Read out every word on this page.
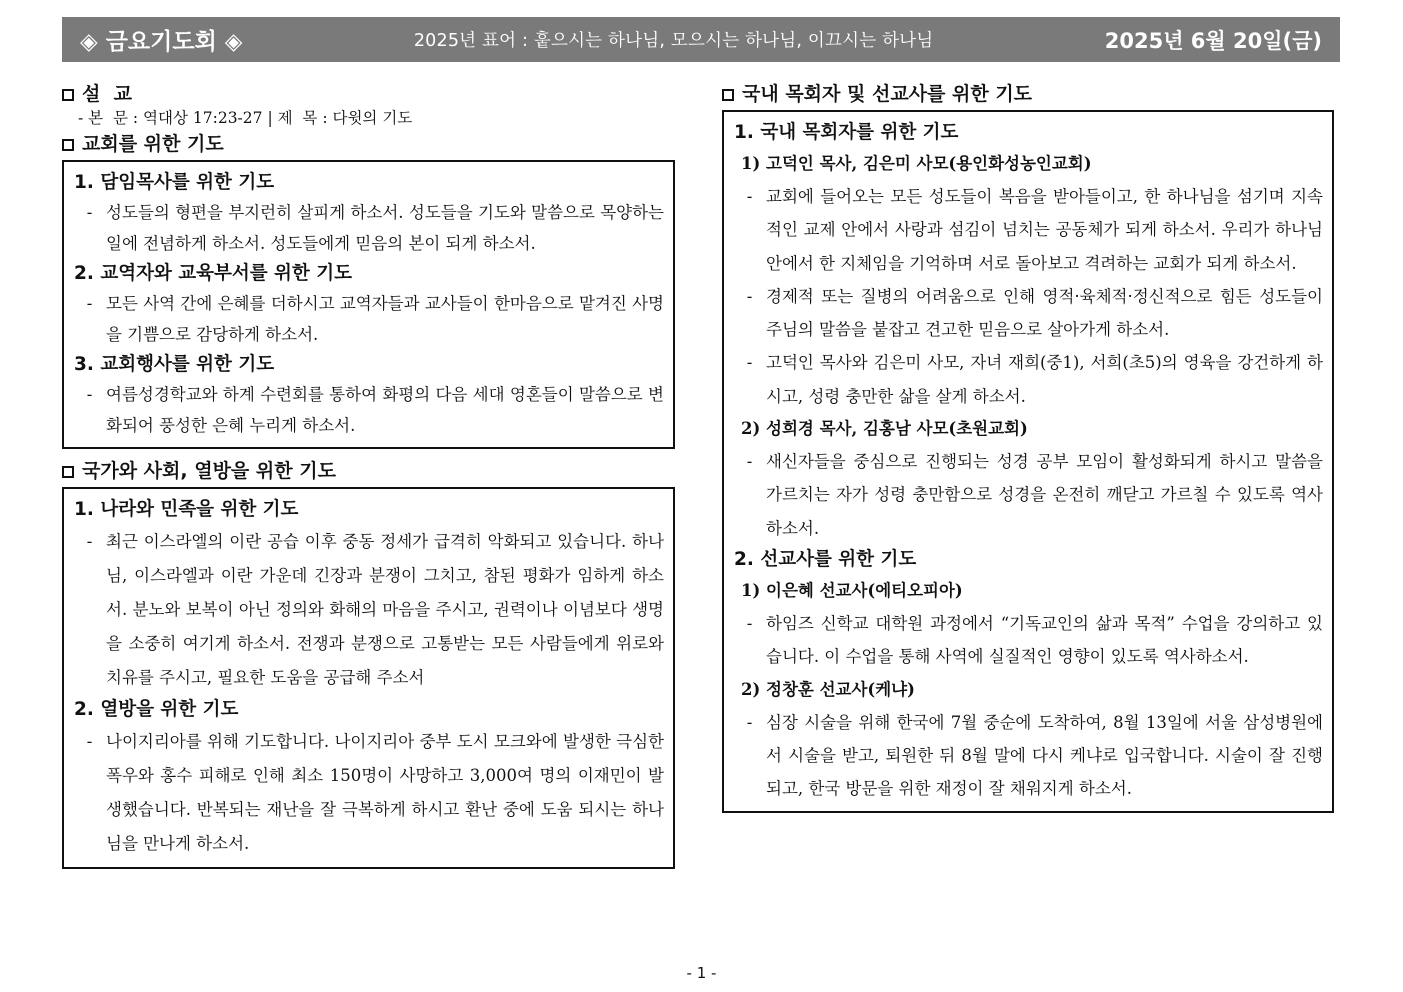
◈ 금요기도회 ◈	2025년 표어 : 훝으시는 하나님, 모으시는 하나님, 이끄시는 하나님	2025년 6월 20일(금)
설  교
- 본  문 : 역대상 17:23-27 | 제  목 : 다윗의 기도
교회를 위한 기도
1. 담임목사를 위한 기도
- 성도들의 형편을 부지런히 살피게 하소서. 성도들을 기도와 말씀으로 목양하는 일에 전념하게 하소서. 성도들에게 믿음의 본이 되게 하소서.
2. 교역자와 교육부서를 위한 기도
- 모든 사역 간에 은혜를 더하시고 교역자들과 교사들이 한마음으로 맡겨진 사명을 기쁨으로 감당하게 하소서.
3. 교회행사를 위한 기도
- 여름성경학교와 하계 수련회를 통하여 화평의 다음 세대 영혼들이 말씀으로 변화되어 풍성한 은혜 누리게 하소서.
국가와 사회, 열방을 위한 기도
1. 나라와 민족을 위한 기도
- 최근 이스라엘의 이란 공습 이후 중동 정세가 급격히 악화되고 있습니다. 하나님, 이스라엘과 이란 가운데 긴장과 분쟁이 그치고, 참된 평화가 임하게 하소서. 분노와 보복이 아닌 정의와 화해의 마음을 주시고, 권력이나 이념보다 생명을 소중히 여기게 하소서. 전쟁과 분쟁으로 고통받는 모든 사람들에게 위로와 치유를 주시고, 필요한 도움을 공급해 주소서
2. 열방을 위한 기도
- 나이지리아를 위해 기도합니다. 나이지리아 중부 도시 모크와에 발생한 극심한 폭우와 홍수 피해로 인해 최소 150명이 사망하고 3,000여 명의 이재민이 발생했습니다. 반복되는 재난을 잘 극복하게 하시고 환난 중에 도움 되시는 하나님을 만나게 하소서.
국내 목회자 및 선교사를 위한 기도
1. 국내 목회자를 위한 기도
1) 고덕인 목사, 김은미 사모(용인화성농인교회)
- 교회에 들어오는 모든 성도들이 복음을 받아들이고, 한 하나님을 섬기며 지속적인 교제 안에서 사랑과 섬김이 넘치는 공동체가 되게 하소서. 우리가 하나님 안에서 한 지체임을 기억하며 서로 돌아보고 격려하는 교회가 되게 하소서.
- 경제적 또는 질병의 어려움으로 인해 영적·육체적·정신적으로 힘든 성도들이 주님의 말씀을 붙잡고 견고한 믿음으로 살아가게 하소서.
- 고덕인 목사와 김은미 사모, 자녀 재희(중1), 서희(초5)의 영육을 강건하게 하시고, 성령 충만한 삶을 살게 하소서.
2) 성희경 목사, 김홍남 사모(초원교회)
- 새신자들을 중심으로 진행되는 성경 공부 모임이 활성화되게 하시고 말씀을 가르치는 자가 성령 충만함으로 성경을 온전히 깨닫고 가르칠 수 있도록 역사하소서.
2. 선교사를 위한 기도
1) 이은혜 선교사(에티오피아)
- 하임즈 신학교 대학원 과정에서 “기독교인의 삶과 목적” 수업을 강의하고 있습니다. 이 수업을 통해 사역에 실질적인 영향이 있도록 역사하소서.
2) 정창훈 선교사(케냐)
- 심장 시술을 위해 한국에 7월 중순에 도착하여, 8월 13일에 서울 삼성병원에서 시술을 받고, 퇴원한 뒤 8월 말에 다시 케냐로 입국합니다. 시술이 잘 진행되고, 한국 방문을 위한 재정이 잘 채워지게 하소서.
- 1 -
